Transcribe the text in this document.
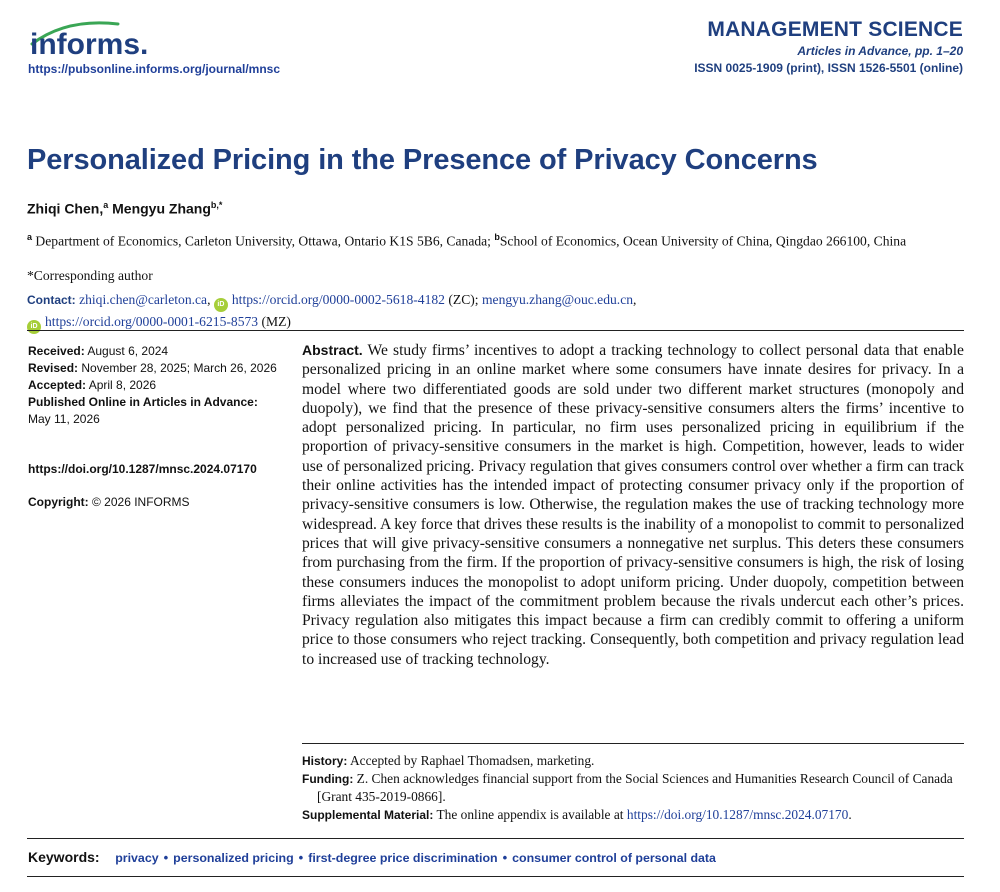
informs.
https://pubsonline.informs.org/journal/mnsc
MANAGEMENT SCIENCE
Articles in Advance, pp. 1–20
ISSN 0025-1909 (print), ISSN 1526-5501 (online)
Personalized Pricing in the Presence of Privacy Concerns
Zhiqi Chen,$^a$ Mengyu Zhang$^{b,*}$
$^a$ Department of Economics, Carleton University, Ottawa, Ontario K1S 5B6, Canada; $^b$School of Economics, Ocean University of China, Qingdao 266100, China
*Corresponding author
Contact: zhiqi.chen@carleton.ca, iD https://orcid.org/0000-0002-5618-4182 (ZC); mengyu.zhang@ouc.edu.cn,
iD https://orcid.org/0000-0001-6215-8573 (MZ)
Received: August 6, 2024
Revised: November 28, 2025; March 26, 2026
Accepted: April 8, 2026
Published Online in Articles in Advance:
May 11, 2026
https://doi.org/10.1287/mnsc.2024.07170
Copyright: © 2026 INFORMS

Abstract. We study firms’ incentives to adopt a tracking technology to collect personal data that enable personalized pricing in an online market where some consumers have innate desires for privacy. In a model where two differentiated goods are sold under two different market structures (monopoly and duopoly), we find that the presence of these privacy-sensitive consumers alters the firms’ incentive to adopt personalized pricing. In particular, no firm uses personalized pricing in equilibrium if the proportion of privacy-sensitive consumers in the market is high. Competition, however, leads to wider use of personalized pricing. Privacy regulation that gives consumers control over whether a firm can track their online activities has the intended impact of protecting consumer privacy only if the proportion of privacy-sensitive consumers is low. Otherwise, the regulation makes the use of tracking technology more widespread. A key force that drives these results is the inability of a monopolist to commit to personalized prices that will give privacy-sensitive consumers a nonnegative net surplus. This deters these consumers from purchasing from the firm. If the proportion of privacy-sensitive consumers is high, the risk of losing these consumers induces the monopolist to adopt uniform pricing. Under duopoly, competition between firms alleviates the impact of the commitment problem because the rivals undercut each other’s prices. Privacy regulation also mitigates this impact because a firm can credibly commit to offering a uniform price to those consumers who reject tracking. Consequently, both competition and privacy regulation lead to increased use of tracking technology.

History: Accepted by Raphael Thomadsen, marketing.

Funding: Z. Chen acknowledges financial support from the Social Sciences and Humanities Research Council of Canada [Grant 435-2019-0866].

Supplemental Material: The online appendix is available at https://doi.org/10.1287/mnsc.2024.07170.

Keywords: privacy • personalized pricing • first-degree price discrimination • consumer control of personal data
